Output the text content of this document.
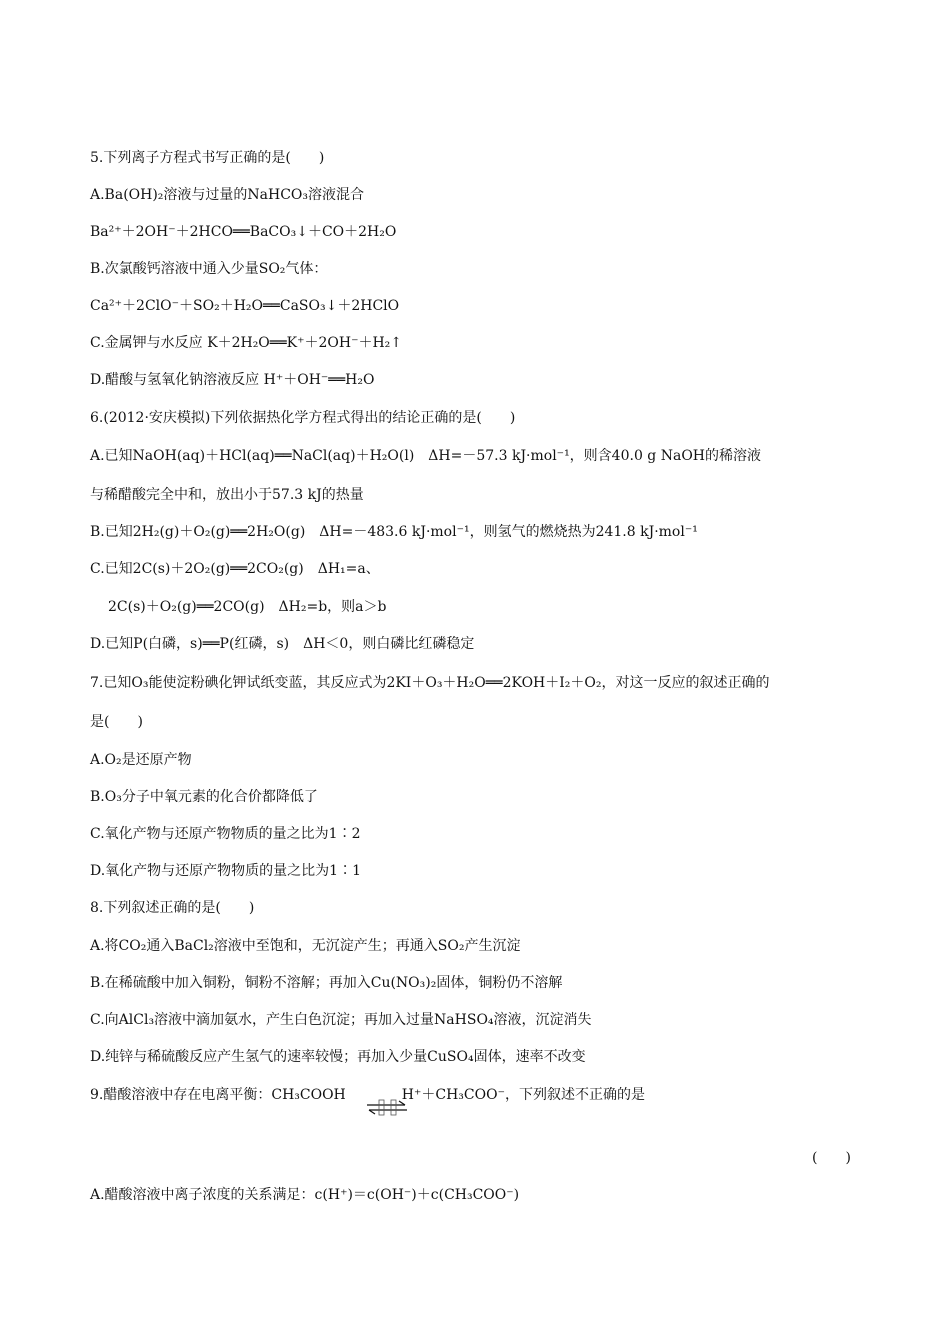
5.下列离子方程式书写正确的是(　　)
A.Ba(OH)₂溶液与过量的NaHCO₃溶液混合
Ba²⁺＋2OH⁻＋2HCO══BaCO₃↓＋CO＋2H₂O
B.次氯酸钙溶液中通入少量SO₂气体：
Ca²⁺＋2ClO⁻＋SO₂＋H₂O══CaSO₃↓＋2HClO
C.金属钾与水反应 K＋2H₂O══K⁺＋2OH⁻＋H₂↑
D.醋酸与氢氧化钠溶液反应 H⁺＋OH⁻══H₂O
6.(2012·安庆模拟)下列依据热化学方程式得出的结论正确的是(　　)
A.已知NaOH(aq)＋HCl(aq)══NaCl(aq)＋H₂O(l)　ΔH=－57.3 kJ·mol⁻¹，则含40.0 g NaOH的稀溶液
与稀醋酸完全中和，放出小于57.3 kJ的热量
B.已知2H₂(g)＋O₂(g)══2H₂O(g)　ΔH=－483.6 kJ·mol⁻¹，则氢气的燃烧热为241.8 kJ·mol⁻¹
C.已知2C(s)＋2O₂(g)══2CO₂(g)　ΔH₁=a、
2C(s)＋O₂(g)══2CO(g)　ΔH₂=b，则a＞b
D.已知P(白磷，s)══P(红磷，s)　ΔH＜0，则白磷比红磷稳定
7.已知O₃能使淀粉碘化钾试纸变蓝，其反应式为2KI＋O₃＋H₂O══2KOH＋I₂＋O₂，对这一反应的叙述正确的
是(　　)
A.O₂是还原产物
B.O₃分子中氧元素的化合价都降低了
C.氧化产物与还原产物物质的量之比为1∶2
D.氧化产物与还原产物物质的量之比为1∶1
8.下列叙述正确的是(　　)
A.将CO₂通入BaCl₂溶液中至饱和，无沉淀产生；再通入SO₂产生沉淀
B.在稀硫酸中加入铜粉，铜粉不溶解；再加入Cu(NO₃)₂固体，铜粉仍不溶解
C.向AlCl₃溶液中滴加氨水，产生白色沉淀；再加入过量NaHSO₄溶液，沉淀消失
D.纯锌与稀硫酸反应产生氢气的速率较慢；再加入少量CuSO₄固体，速率不改变
9.醋酸溶液中存在电离平衡：CH₃COOH　　　　H⁺＋CH₃COO⁻，下列叙述不正确的是
(　　)
A.醋酸溶液中离子浓度的关系满足：c(H⁺)＝c(OH⁻)＋c(CH₃COO⁻)
